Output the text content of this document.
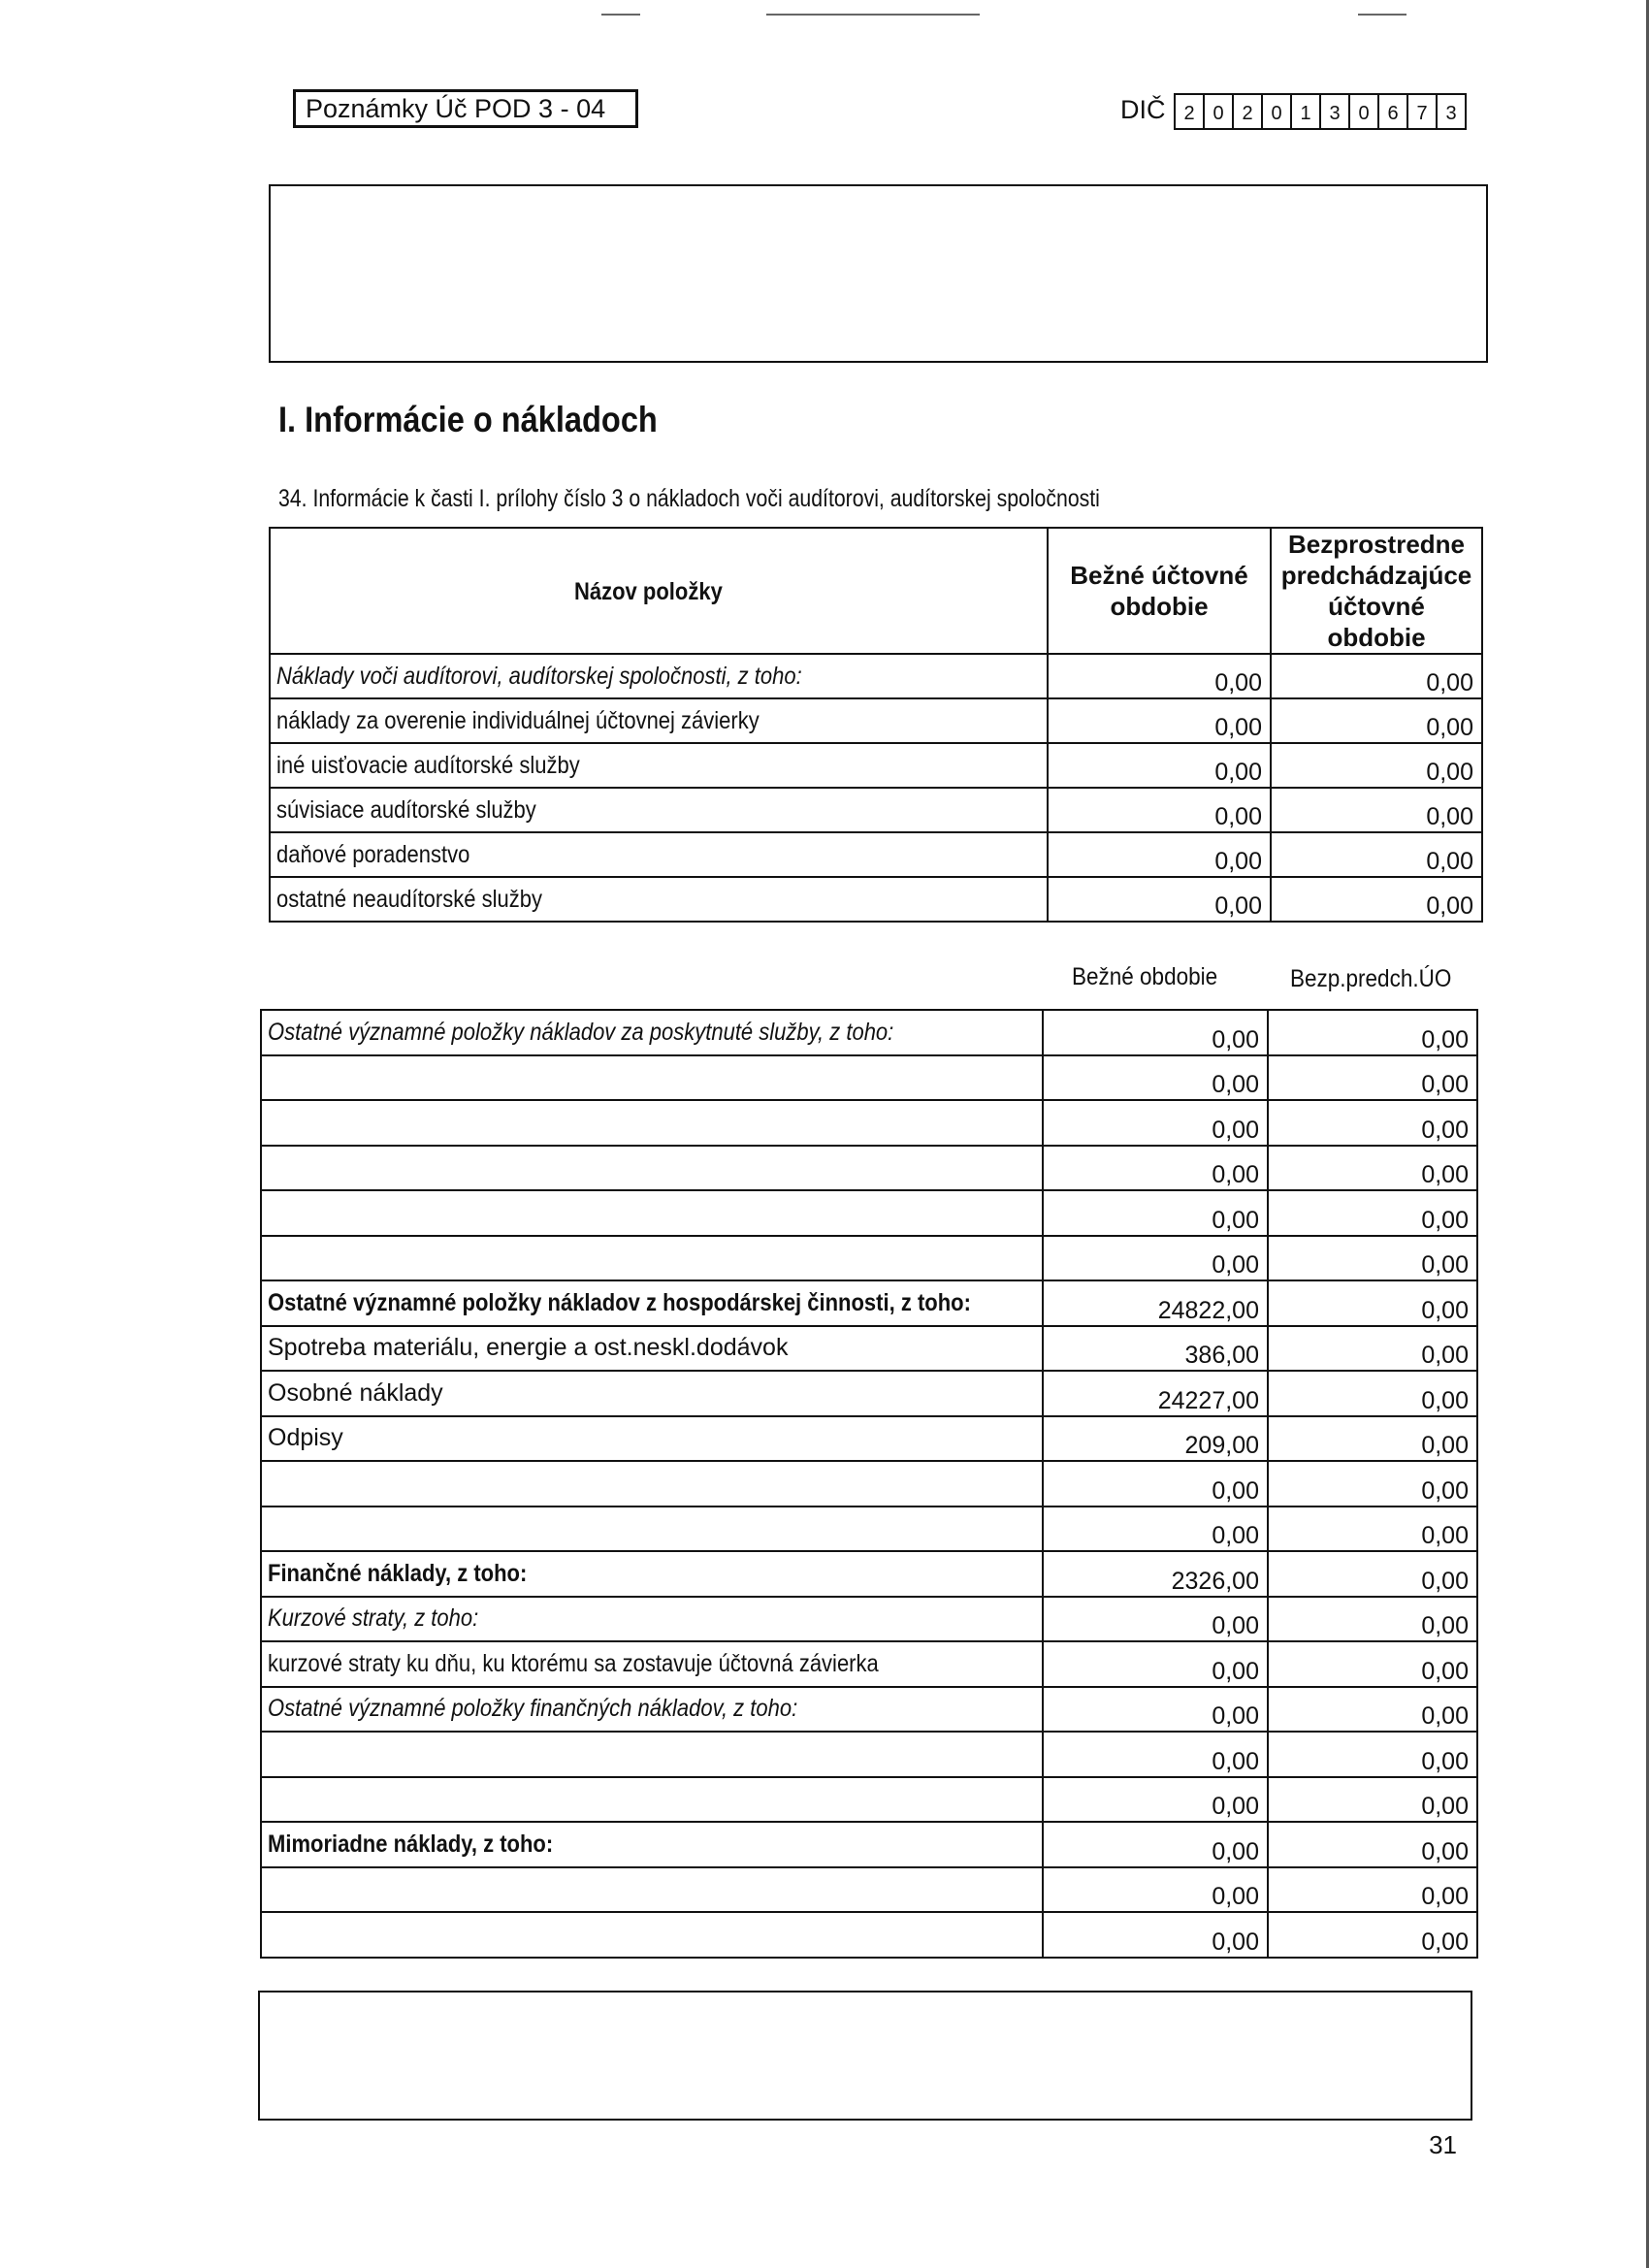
Poznámky Úč POD 3 - 04	DIČ 2 0 2 0 1 3 0 6 7 3
I. Informácie o nákladoch
34. Informácie k časti I. prílohy číslo 3 o nákladoch voči audítorovi, audítorskej spoločnosti
Názov položky	Bežné účtovné obdobie	Bezprostredne predchádzajúce účtovné obdobie
Náklady voči audítorovi, audítorskej spoločnosti, z toho:	0,00	0,00
náklady za overenie individuálnej účtovnej závierky	0,00	0,00
iné uisťovacie audítorské služby	0,00	0,00
súvisiace audítorské služby	0,00	0,00
daňové poradenstvo	0,00	0,00
ostatné neaudítorské služby	0,00	0,00
Bežné obdobie	Bezp.predch.ÚO
Ostatné významné položky nákladov za poskytnuté služby, z toho:	0,00	0,00
	0,00	0,00
	0,00	0,00
	0,00	0,00
	0,00	0,00
	0,00	0,00
Ostatné významné položky nákladov z hospodárskej činnosti, z toho:	24822,00	0,00
Spotreba materiálu, energie a ost.neskl.dodávok	386,00	0,00
Osobné náklady	24227,00	0,00
Odpisy	209,00	0,00
	0,00	0,00
	0,00	0,00
Finančné náklady, z toho:	2326,00	0,00
Kurzové straty, z toho:	0,00	0,00
kurzové straty ku dňu, ku ktorému sa zostavuje účtovná závierka	0,00	0,00
Ostatné významné položky finančných nákladov, z toho:	0,00	0,00
	0,00	0,00
	0,00	0,00
Mimoriadne náklady, z toho:	0,00	0,00
	0,00	0,00
	0,00	0,00
31
